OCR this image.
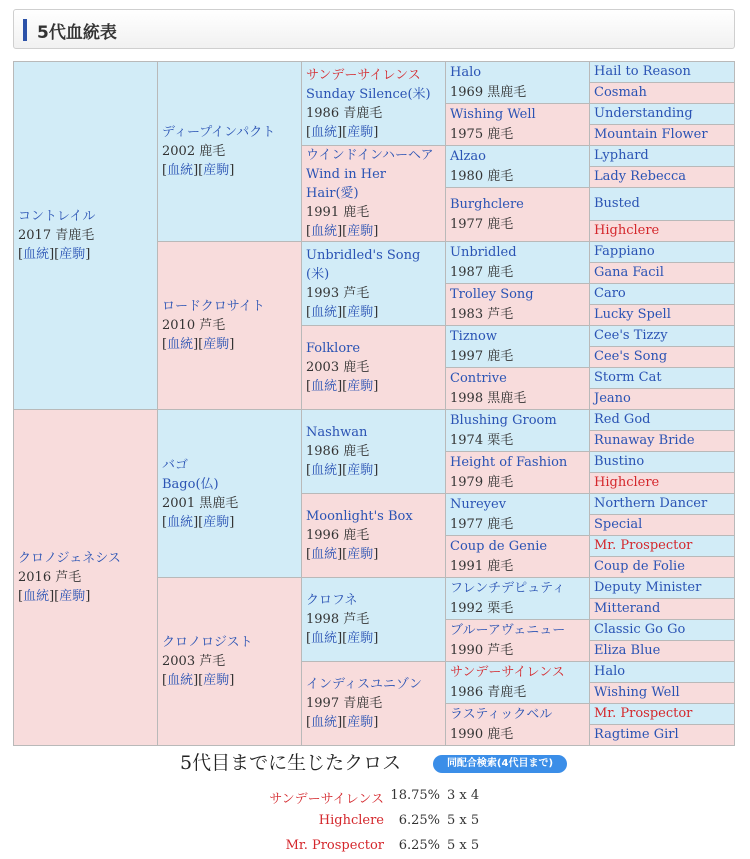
5代血統表
コントレイル
2017 青鹿毛
[血統][産駒]	ディープインパクト
2002 鹿毛
[血統][産駒]	サンデーサイレンス
Sunday Silence(米)
1986 青鹿毛
[血統][産駒]	Halo
1969 黒鹿毛	Hail to Reason

				Cosmah

			Wishing Well
1975 鹿毛	Understanding

				Mountain Flower

		ウインドインハーヘア
Wind in Her Hair(愛)
1991 鹿毛
[血統][産駒]	Alzao
1980 鹿毛	Lyphard

				Lady Rebecca

			Burghclere
1977 鹿毛	Busted

				Highclere

	ロードクロサイト
2010 芦毛
[血統][産駒]	Unbridled's Song
(米)
1993 芦毛
[血統][産駒]	Unbridled
1987 鹿毛	Fappiano

				Gana Facil

			Trolley Song
1983 芦毛	Caro

				Lucky Spell

		Folklore
2003 鹿毛
[血統][産駒]	Tiznow
1997 鹿毛	Cee's Tizzy

				Cee's Song

			Contrive
1998 黒鹿毛	Storm Cat

				Jeano

クロノジェネシス
2016 芦毛
[血統][産駒]	バゴ
Bago(仏)
2001 黒鹿毛
[血統][産駒]	Nashwan
1986 鹿毛
[血統][産駒]	Blushing Groom
1974 栗毛	Red God

				Runaway Bride

			Height of Fashion
1979 鹿毛	Bustino

				Highclere

		Moonlight's Box
1996 鹿毛
[血統][産駒]	Nureyev
1977 鹿毛	Northern Dancer

				Special

			Coup de Genie
1991 鹿毛	Mr. Prospector

				Coup de Folie

	クロノロジスト
2003 芦毛
[血統][産駒]	クロフネ
1998 芦毛
[血統][産駒]	フレンチデピュティ
1992 栗毛	Deputy Minister

				Mitterand

			ブルーアヴェニュー
1990 芦毛	Classic Go Go

				Eliza Blue

		インディスユニゾン
1997 青鹿毛
[血統][産駒]	サンデーサイレンス
1986 青鹿毛	Halo

				Wishing Well

			ラスティックベル
1990 鹿毛	Mr. Prospector

				Ragtime Girl
5代目までに生じたクロス	同配合検索(4代目まで)
サンデーサイレンス 18.75% 3 x 4
Highclere	6.25% 5 x 5
Mr. Prospector	6.25% 5 x 5
